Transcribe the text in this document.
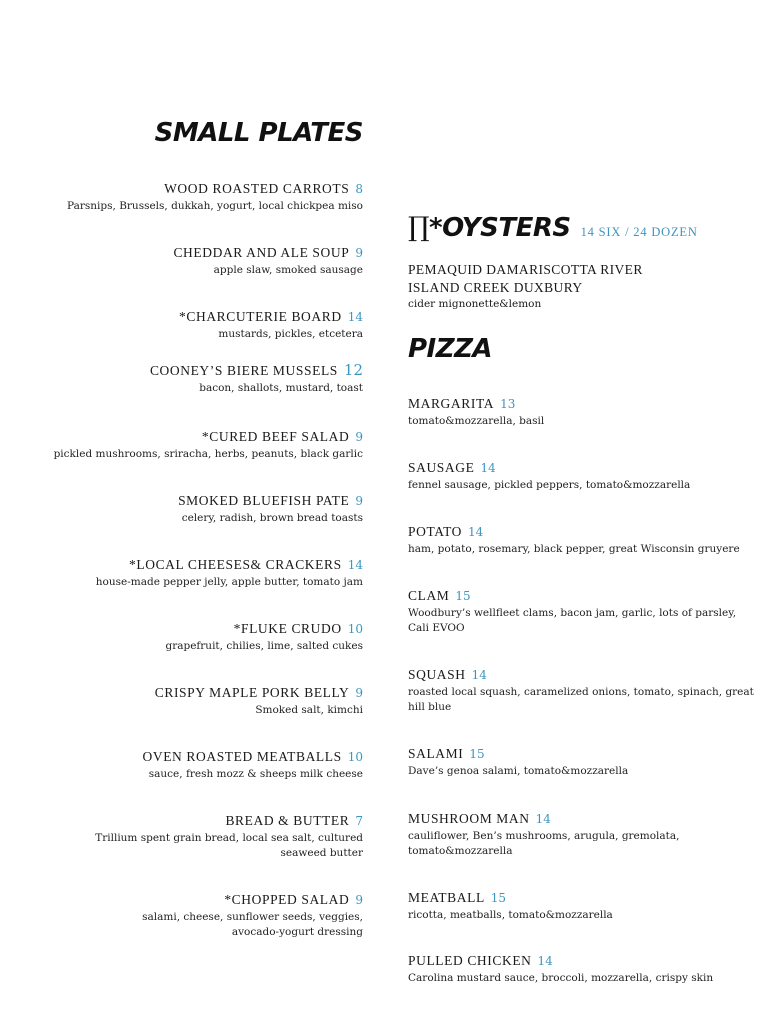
SMALL PLATES
WOOD ROASTED CARROTS 8
Parsnips, Brussels, dukkah, yogurt, local chickpea miso
CHEDDAR AND ALE SOUP 9
apple slaw, smoked sausage
*CHARCUTERIE BOARD 14
mustards, pickles, etcetera
COONEY’S BIERE MUSSELS 12
bacon, shallots, mustard, toast
*CURED BEEF SALAD 9
pickled mushrooms, sriracha, herbs, peanuts, black garlic
SMOKED BLUEFISH PATE 9
celery, radish, brown bread toasts
*LOCAL CHEESES& CRACKERS 14
house-made pepper jelly, apple butter, tomato jam
*FLUKE CRUDO 10
grapefruit, chilies, lime, salted cukes
CRISPY MAPLE PORK BELLY 9
Smoked salt, kimchi
OVEN ROASTED MEATBALLS 10
sauce, fresh mozz & sheeps milk cheese
BREAD & BUTTER 7
Trillium spent grain bread, local sea salt, cultured seaweed butter
*CHOPPED SALAD 9
salami, cheese, sunflower seeds, veggies, avocado-yogurt dressing
∏*OYSTERS 14 SIX / 24 DOZEN
PEMAQUID DAMARISCOTTA RIVER
ISLAND CREEK DUXBURY
cider mignonette&lemon
PIZZA
MARGARITA 13
tomato&mozzarella, basil
SAUSAGE 14
fennel sausage, pickled peppers, tomato&mozzarella
POTATO 14
ham, potato, rosemary, black pepper, great Wisconsin gruyere
CLAM 15
Woodbury’s wellfleet clams, bacon jam, garlic, lots of parsley, Cali EVOO
SQUASH 14
roasted local squash, caramelized onions, tomato, spinach, great hill blue
SALAMI 15
Dave’s genoa salami, tomato&mozzarella
MUSHROOM MAN 14
cauliflower, Ben’s mushrooms, arugula, gremolata, tomato&mozzarella
MEATBALL 15
ricotta, meatballs, tomato&mozzarella
PULLED CHICKEN 14
Carolina mustard sauce, broccoli, mozzarella, crispy skin
